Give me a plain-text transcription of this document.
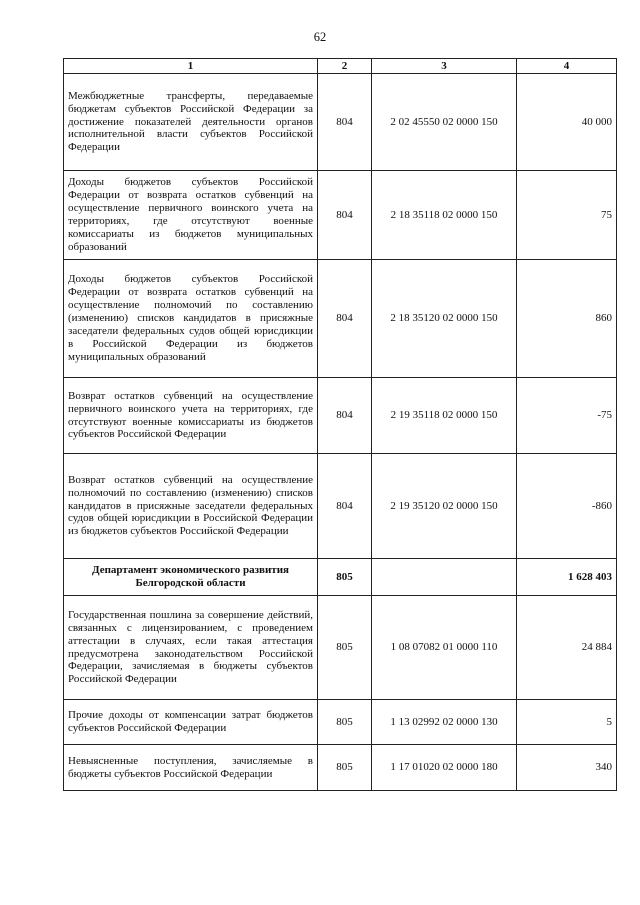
62
1	2	3	4
Межбюджетные трансферты, передаваемые бюджетам субъектов Российской Федерации за достижение показателей деятельности органов исполнительной власти субъектов Российской Федерации	804	2 02 45550 02 0000 150	40 000
Доходы бюджетов субъектов Российской Федерации от возврата остатков субвенций на осуществление первичного воинского учета на территориях, где отсутствуют военные комиссариаты из бюджетов муниципальных образований	804	2 18 35118 02 0000 150	75
Доходы бюджетов субъектов Российской Федерации от возврата остатков субвенций на осуществление полномочий по составлению (изменению) списков кандидатов в присяжные заседатели федеральных судов общей юрисдикции в Российской Федерации из бюджетов муниципальных образований	804	2 18 35120 02 0000 150	860
Возврат остатков субвенций на осуществление первичного воинского учета на территориях, где отсутствуют военные комиссариаты из бюджетов субъектов Российской Федерации	804	2 19 35118 02 0000 150	-75
Возврат остатков субвенций на осуществление полномочий по составлению (изменению) списков кандидатов в присяжные заседатели федеральных судов общей юрисдикции в Российской Федерации из бюджетов субъектов Российской Федерации	804	2 19 35120 02 0000 150	-860
Департамент экономического развития Белгородской области	805		1 628 403
Государственная пошлина за совершение действий, связанных с лицензированием, с проведением аттестации в случаях, если такая аттестация предусмотрена законодательством Российской Федерации, зачисляемая в бюджеты субъектов Российской Федерации	805	1 08 07082 01 0000 110	24 884
Прочие доходы от компенсации затрат бюджетов субъектов Российской Федерации	805	1 13 02992 02 0000 130	5
Невыясненные поступления, зачисляемые в бюджеты субъектов Российской Федерации	805	1 17 01020 02 0000 180	340
